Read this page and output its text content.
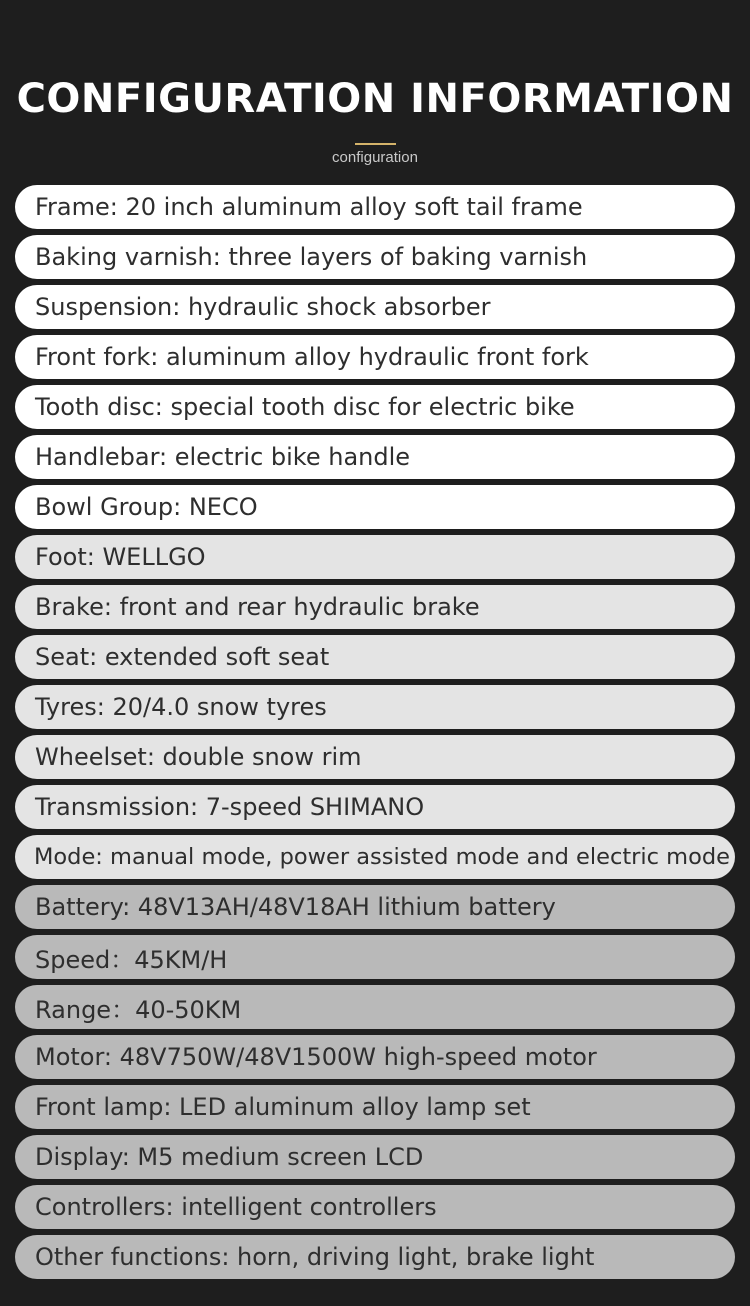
CONFIGURATION INFORMATION
configuration
Frame: 20 inch aluminum alloy soft tail frame
Baking varnish: three layers of baking varnish
Suspension: hydraulic shock absorber
Front fork: aluminum alloy hydraulic front fork
Tooth disc: special tooth disc for electric bike
Handlebar: electric bike handle
Bowl Group: NECO
Foot: WELLGO
Brake: front and rear hydraulic brake
Seat: extended soft seat
Tyres: 20/4.0 snow tyres
Wheelset: double snow rim
Transmission: 7-speed SHIMANO
Mode: manual mode, power assisted mode and electric mode
Battery: 48V13AH/48V18AH lithium battery
Speed：45KM/H
Range：40-50KM
Motor: 48V750W/48V1500W high-speed motor
Front lamp: LED aluminum alloy lamp set
Display: M5 medium screen LCD
Controllers: intelligent controllers
Other functions: horn, driving light, brake light
